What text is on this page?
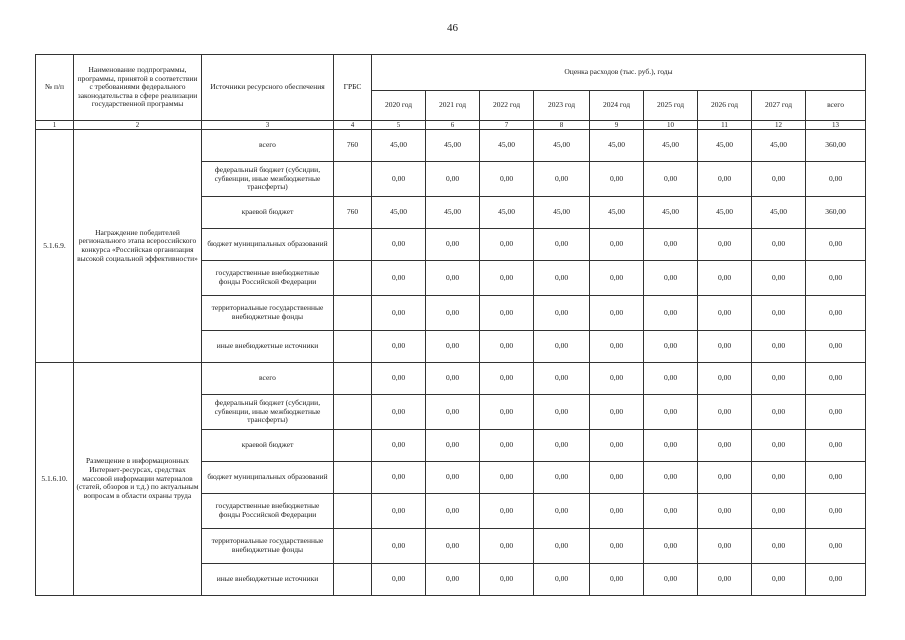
46
№ п/п	Наименование подпрограммы, программы, принятой в соответствии с требованиями федерального законодательства в сфере реализации государственной программы	Источники ресурсного обеспечения	ГРБС	Оценка расходов (тыс. руб.), годы								
				2020 год	2021 год	2022 год	2023 год	2024 год	2025 год	2026 год	2027 год	всего
1	2	3	4	5	6	7	8	9	10	11	12	13
5.1.6.9.	Награждение победителей регионального этапа всероссийского конкурса «Российская организация высокой социальной эффективности»	всего	760	45,00	45,00	45,00	45,00	45,00	45,00	45,00	45,00	360,00
		федеральный бюджет (субсидии, субвенции, иные межбюджетные трансферты)		0,00	0,00	0,00	0,00	0,00	0,00	0,00	0,00	0,00
		краевой бюджет	760	45,00	45,00	45,00	45,00	45,00	45,00	45,00	45,00	360,00
		бюджет муниципальных образований		0,00	0,00	0,00	0,00	0,00	0,00	0,00	0,00	0,00
		государственные внебюджетные фонды Российской Федерации		0,00	0,00	0,00	0,00	0,00	0,00	0,00	0,00	0,00
		территориальные государственные внебюджетные фонды		0,00	0,00	0,00	0,00	0,00	0,00	0,00	0,00	0,00
		иные внебюджетные источники		0,00	0,00	0,00	0,00	0,00	0,00	0,00	0,00	0,00
5.1.6.10.	Размещение в информационных Интернет-ресурсах, средствах массовой информации материалов (статей, обзоров и т.д.) по актуальным вопросам в области охраны труда	всего		0,00	0,00	0,00	0,00	0,00	0,00	0,00	0,00	0,00
		федеральный бюджет (субсидии, субвенции, иные межбюджетные трансферты)		0,00	0,00	0,00	0,00	0,00	0,00	0,00	0,00	0,00
		краевой бюджет		0,00	0,00	0,00	0,00	0,00	0,00	0,00	0,00	0,00
		бюджет муниципальных образований		0,00	0,00	0,00	0,00	0,00	0,00	0,00	0,00	0,00
		государственные внебюджетные фонды Российской Федерации		0,00	0,00	0,00	0,00	0,00	0,00	0,00	0,00	0,00
		территориальные государственные внебюджетные фонды		0,00	0,00	0,00	0,00	0,00	0,00	0,00	0,00	0,00
		иные внебюджетные источники		0,00	0,00	0,00	0,00	0,00	0,00	0,00	0,00	0,00
